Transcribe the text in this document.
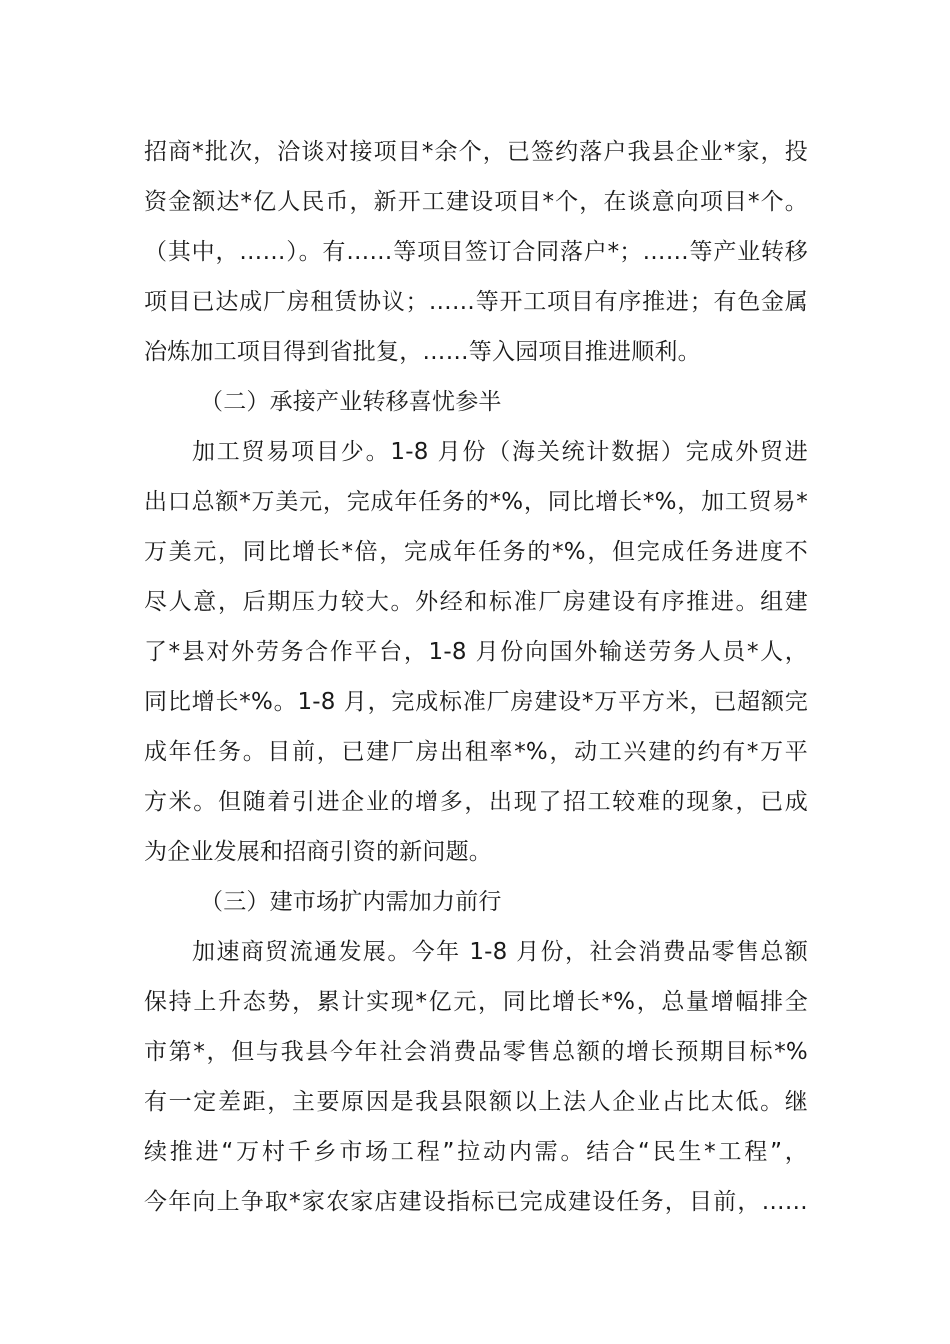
招商*批次，洽谈对接项目*余个，已签约落户我县企业*家，投
资金额达*亿人民币，新开工建设项目*个，在谈意向项目*个。
（其中，……）。有……等项目签订合同落户*；……等产业转移
项目已达成厂房租赁协议；……等开工项目有序推进；有色金属
冶炼加工项目得到省批复，……等入园项目推进顺利。
（二）承接产业转移喜忧参半
加工贸易项目少。1-8 月份（海关统计数据）完成外贸进
出口总额*万美元，完成年任务的*%，同比增长*%，加工贸易*
万美元，同比增长*倍，完成年任务的*%，但完成任务进度不
尽人意，后期压力较大。外经和标准厂房建设有序推进。组建
了*县对外劳务合作平台，1-8 月份向国外输送劳务人员*人，
同比增长*%。1-8 月，完成标准厂房建设*万平方米，已超额完
成年任务。目前，已建厂房出租率*%，动工兴建的约有*万平
方米。但随着引进企业的增多，出现了招工较难的现象，已成
为企业发展和招商引资的新问题。
（三）建市场扩内需加力前行
加速商贸流通发展。今年 1-8 月份，社会消费品零售总额
保持上升态势，累计实现*亿元，同比增长*%，总量增幅排全
市第*，但与我县今年社会消费品零售总额的增长预期目标*%
有一定差距，主要原因是我县限额以上法人企业占比太低。继
续推进“万村千乡市场工程”拉动内需。结合“民生*工程”，
今年向上争取*家农家店建设指标已完成建设任务，目前，……
